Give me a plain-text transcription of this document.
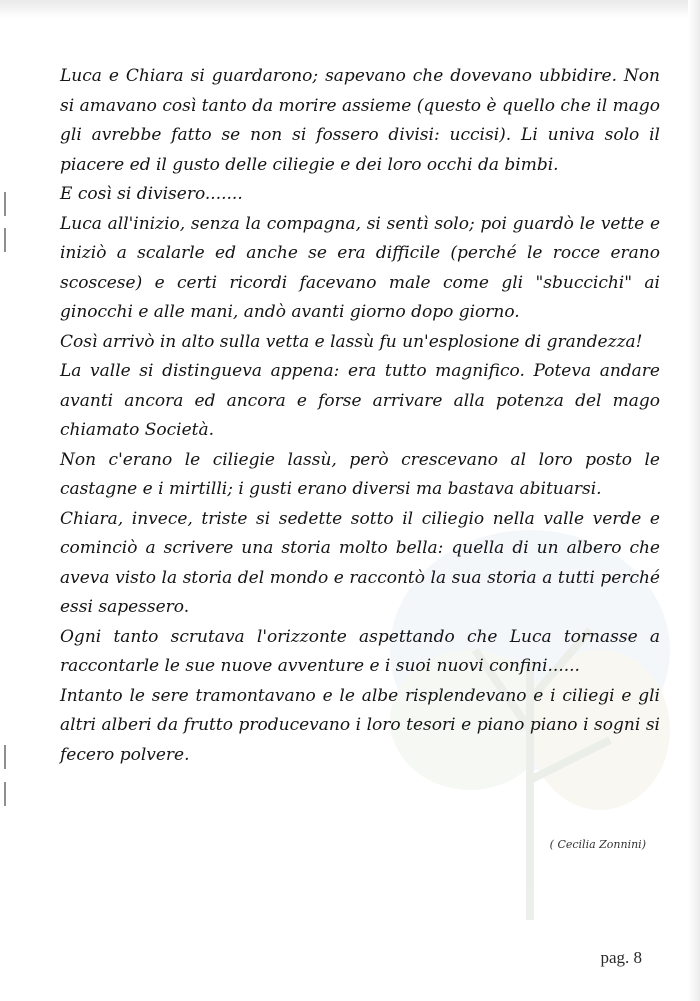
Luca e Chiara si guardarono; sapevano che dovevano ubbidire. Non si amavano così tanto da morire assieme (questo è quello che il mago gli avrebbe fatto se non si fossero divisi: uccisi). Li univa solo il piacere ed il gusto delle ciliegie e dei loro occhi da bimbi.

E così si divisero.......

Luca all'inizio, senza la compagna, si sentì solo; poi guardò le vette e iniziò a scalarle ed anche se era difficile (perché le rocce erano scoscese) e certi ricordi facevano male come gli "sbuccichi" ai ginocchi e alle mani, andò avanti giorno dopo giorno.

Così arrivò in alto sulla vetta e lassù fu un'esplosione di grandezza!

La valle si distingueva appena: era tutto magnifico. Poteva andare avanti ancora ed ancora e forse arrivare alla potenza del mago chiamato Società.

Non c'erano le ciliegie lassù, però crescevano al loro posto le castagne e i mirtilli; i gusti erano diversi ma bastava abituarsi.

Chiara, invece, triste si sedette sotto il ciliegio nella valle verde e cominciò a scrivere una storia molto bella: quella di un albero che aveva visto la storia del mondo e raccontò la sua storia a tutti perché essi sapessero.

Ogni tanto scrutava l'orizzonte aspettando che Luca tornasse a raccontarle le sue nuove avventure e i suoi nuovi confini......

Intanto le sere tramontavano e le albe risplendevano e i ciliegi e gli altri alberi da frutto producevano i loro tesori e piano piano i sogni si fecero polvere.

( Cecilia Zonnini)
pag. 8
